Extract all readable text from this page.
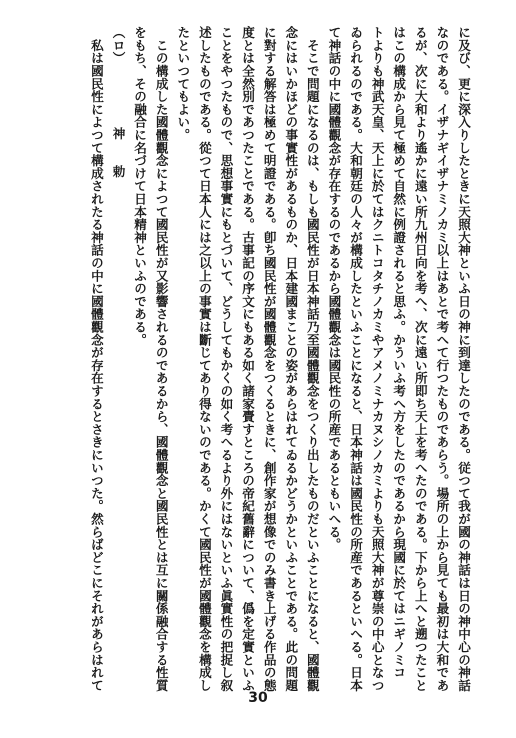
に及び、更に深入りしたときに天照大神といふ日の神に到達したのである。従つて我が國の神話は日の神中心の神話
なのである。イザナギイザナミノカミ以上はあとで考へて行つたものであらう。場所の上から見ても最初は大和であ
るが、次に大和より遙かに遠い所九州日向を考へ、次に遠い所即ち天上を考へたのである。下から上へと遡つたこと
はこの構成から見て極めて自然に例證されると思ふ。かういふ考へ方をしたのであるから現國に於てはニギノミコ
トよりも神武天皇、天上に於てはクニトコタチノカミやアメノミナカヌシノカミよりも天照大神が尊崇の中心となつ
ゐられるのである。大和朝廷の人々が構成したといふことになると、日本神話は國民性の所産であるといへる。日本
て神話の中に國體觀念が存在するのであるから國體觀念は國民性の所産であるともいへる。
　そこで問題になるのは、もしも國民性が日本神話乃至國體觀念をつくり出したものだといふことになると、國體觀
念にはいかほどの事實性があるものか、日本建國まことの姿があらはれてゐるかどうかといふことである。此の問題
に對する解答は極めて明證である。卽ち國民性が國體觀念をつくるときに、創作家が想像でのみ書き上げる作品の態
度とは全然別であつたことである。古事記の序文にもある如く諸家賷すところの帝紀舊辭について、僞を定實といふ
ことをやつたもので、思想事實にもとづいて、どうしてもかくの如く考へるより外にはないといふ眞實性の把捉し叙
述したものである。從つて日本人には之以上の事實は斷じてあり得ないのである。かくて國民性が國體觀念を構成し
たといつてもよい。
　この構成した國體觀念によつて國民性が又影響されるのであるから、國體觀念と國民性とは互に關係融合する性質
をもち、その融合に名づけて日本精神といふのである。
（ロ）神　勅
　私は國民性によつて構成されたる神話の中に國體觀念が存在するとさきにいつた。然らばどこにそれがあらはれて
30
